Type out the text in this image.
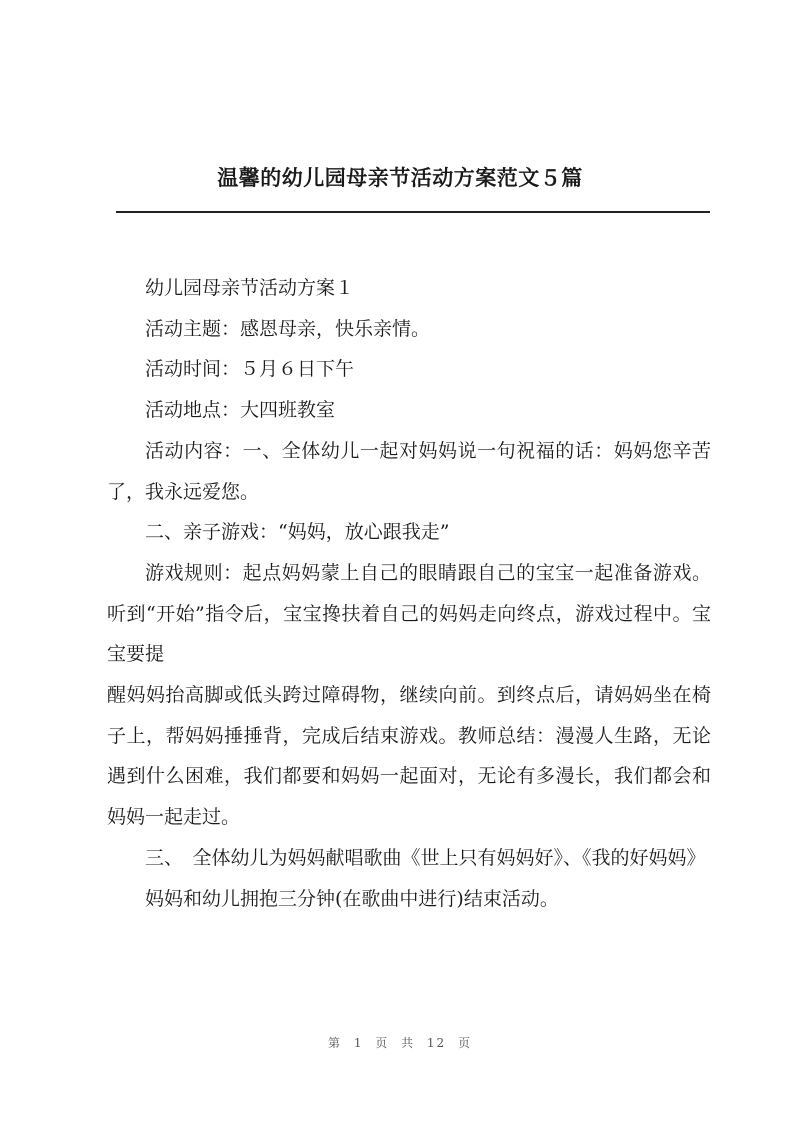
温馨的幼儿园母亲节活动方案范文５篇

幼儿园母亲节活动方案１

活动主题：感恩母亲，快乐亲情。

活动时间：５月６日下午

活动地点：大四班教室

活动内容：一、全体幼儿一起对妈妈说一句祝福的话：妈妈您辛苦了，我永远爱您。

二、亲子游戏：“妈妈，放心跟我走”

游戏规则：起点妈妈蒙上自己的眼睛跟自己的宝宝一起准备游戏。听到“开始”指令后，宝宝搀扶着自己的妈妈走向终点，游戏过程中。宝宝要提

醒妈妈抬高脚或低头跨过障碍物，继续向前。到终点后，请妈妈坐在椅子上，帮妈妈捶捶背，完成后结束游戏。教师总结：漫漫人生路，无论遇到什么困难，我们都要和妈妈一起面对，无论有多漫长，我们都会和妈妈一起走过。

三、　全体幼儿为妈妈献唱歌曲《世上只有妈妈好》、《我的好妈妈》

妈妈和幼儿拥抱三分钟(在歌曲中进行)结束活动。

第 1 页 共 12 页
